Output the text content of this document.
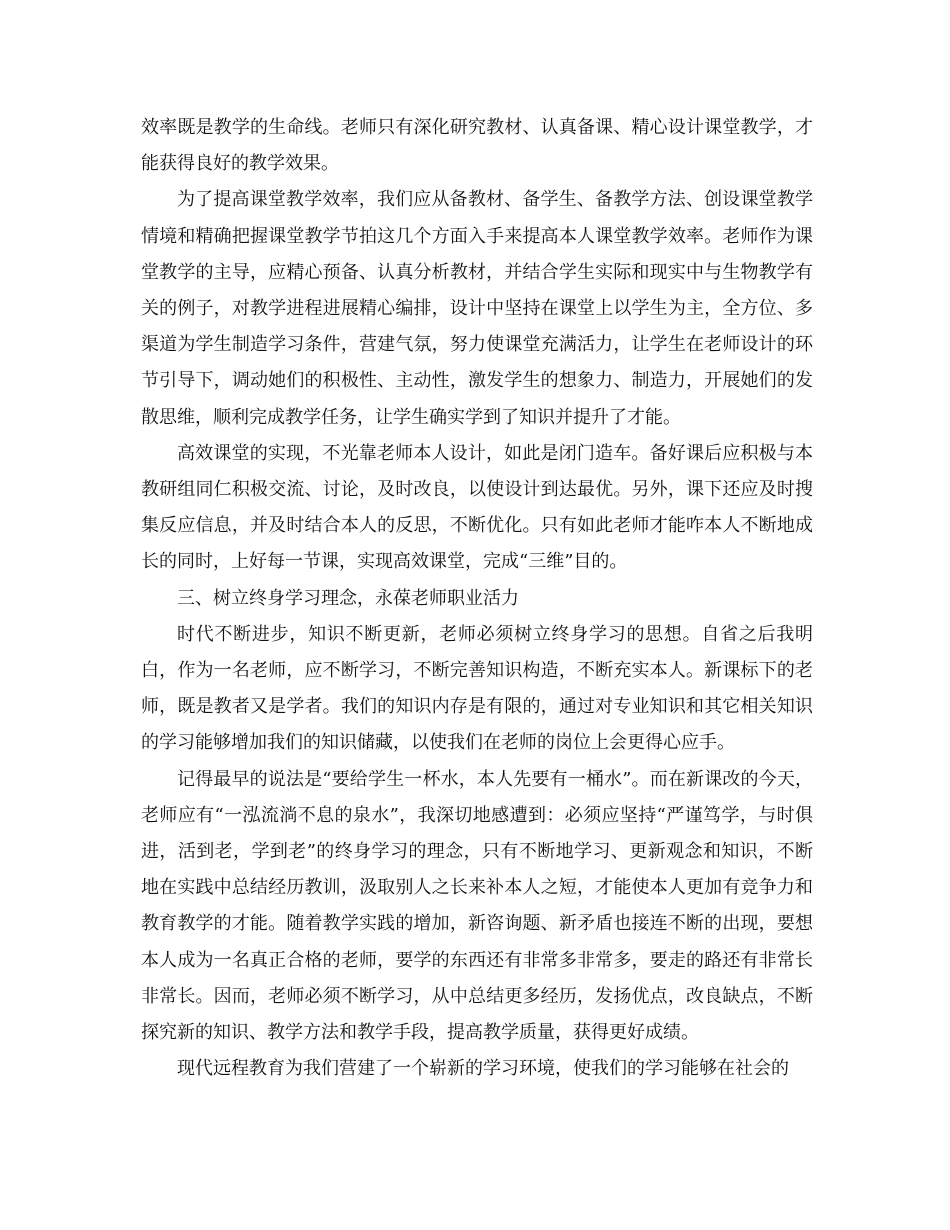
效率既是教学的生命线。老师只有深化研究教材、认真备课、精心设计课堂教学，才能获得良好的教学效果。

为了提高课堂教学效率，我们应从备教材、备学生、备教学方法、创设课堂教学情境和精确把握课堂教学节拍这几个方面入手来提高本人课堂教学效率。老师作为课堂教学的主导，应精心预备、认真分析教材，并结合学生实际和现实中与生物教学有关的例子，对教学进程进展精心编排，设计中坚持在课堂上以学生为主，全方位、多渠道为学生制造学习条件，营建气氛，努力使课堂充满活力，让学生在老师设计的环节引导下，调动她们的积极性、主动性，激发学生的想象力、制造力，开展她们的发散思维，顺利完成教学任务，让学生确实学到了知识并提升了才能。

高效课堂的实现，不光靠老师本人设计，如此是闭门造车。备好课后应积极与本教研组同仁积极交流、讨论，及时改良，以使设计到达最优。另外，课下还应及时搜集反应信息，并及时结合本人的反思，不断优化。只有如此老师才能咋本人不断地成长的同时，上好每一节课，实现高效课堂，完成“三维”目的。

三、树立终身学习理念，永葆老师职业活力

时代不断进步，知识不断更新，老师必须树立终身学习的思想。自省之后我明白，作为一名老师，应不断学习，不断完善知识构造，不断充实本人。新课标下的老师，既是教者又是学者。我们的知识内存是有限的，通过对专业知识和其它相关知识的学习能够增加我们的知识储藏，以使我们在老师的岗位上会更得心应手。

记得最早的说法是“要给学生一杯水，本人先要有一桶水”。而在新课改的今天，老师应有“一泓流淌不息的泉水”，我深切地感遭到：必须应坚持“严谨笃学，与时俱进，活到老，学到老”的终身学习的理念，只有不断地学习、更新观念和知识，不断地在实践中总结经历教训，汲取别人之长来补本人之短，才能使本人更加有竞争力和教育教学的才能。随着教学实践的增加，新咨询题、新矛盾也接连不断的出现，要想本人成为一名真正合格的老师，要学的东西还有非常多非常多，要走的路还有非常长非常长。因而，老师必须不断学习，从中总结更多经历，发扬优点，改良缺点，不断探究新的知识、教学方法和教学手段，提高教学质量，获得更好成绩。

现代远程教育为我们营建了一个崭新的学习环境，使我们的学习能够在社会的
